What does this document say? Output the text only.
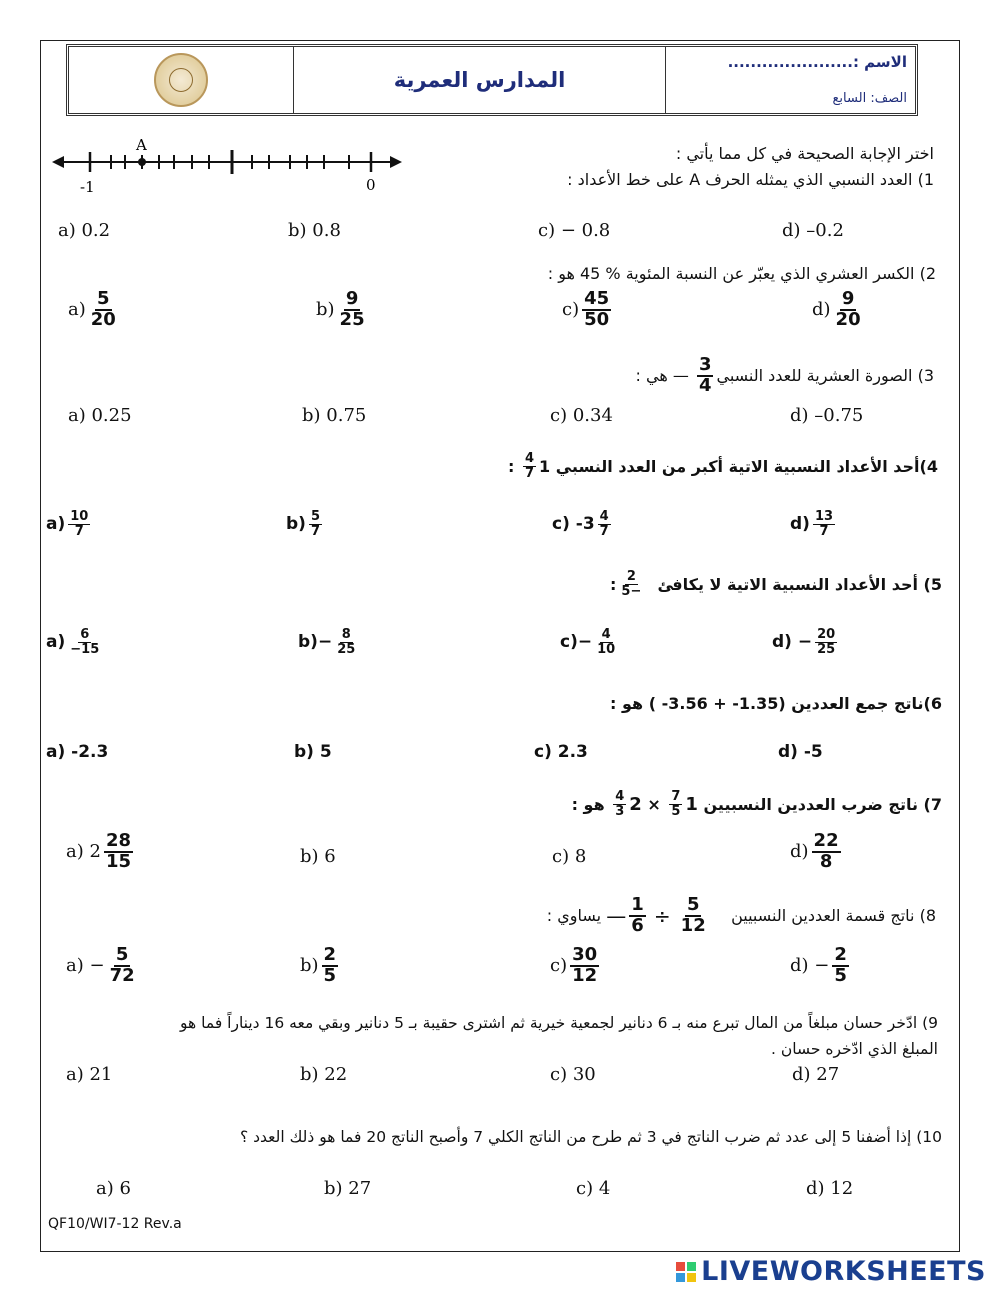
المدارس العمرية
الاسم :......................
الصف: السابع
A
-1	0
اختر الإجابة الصحيحة في كل مما يأتي :
1) العدد النسبي الذي يمثله الحرف A على خط الأعداد :
a) 0.2	b) 0.8	c) − 0.8	d) –0.2
2) الكسر العشري الذي يعبّر عن النسبة المئوية % 45 هو :
$a) \frac{5}{20}$	$b) \frac{9}{25}$	$c) \frac{45}{50}$	$d) \frac{9}{20}$
3) الصورة العشرية للعدد النسبي
$\frac{3}{4}$
—
هي :
a) 0.25	b) 0.75	c) 0.34	d) –0.75
4)أحد الأعداد النسبية الاتية أكبر من العدد النسبي

1
$\frac{4}{7}$

:
$a) \frac{10}{7}$	$b) \frac{5}{7}$	c) $-3 \frac{4}{7}$	$d) \frac{13}{7}$
5) أحد الأعداد النسبية الاتية لا يكافئ

$\frac{2}{-5}$
:
$a) \frac{6}{-15}$	$b)- \frac{8}{25}$	$c)- \frac{4}{10}$	$d) - \frac{20}{25}$
6)ناتج جمع العددين (1.35- + 3.56- ) هو :
a) -2.3	b) 5	c) 2.3	d) -5
7) ناتج ضرب العددين النسبيين

1
$\frac{7}{5}$

×

2
$\frac{4}{3}$

هو :
a) $2 \frac{28}{15}$	b) 6	c) 8	$d) \frac{22}{8}$
8) ناتج قسمة العددين النسبيين

$\frac{5}{12}$

÷

$\frac{1}{6}$
—

يساوي :
$a) - \frac{5}{72}$	$b) \frac{2}{5}$	$c) \frac{30}{12}$	$d) - \frac{2}{5}$
9) ادّخر حسان مبلغاً من المال تبرع منه بـ 6 دنانير لجمعية خيرية ثم اشترى حقيبة بـ 5 دنانير وبقي معه 16 ديناراً فما هو
المبلغ الذي ادّخره حسان .
a) 21	b) 22	c) 30	d) 27
10) إذا أضفنا 5 إلى عدد ثم ضرب الناتج في 3 ثم طرح من الناتج الكلي 7 وأصبح الناتج 20 فما هو ذلك العدد ؟
a) 6	b) 27	c) 4	d) 12
QF10/WI7-12 Rev.a
LIVEWORKSHEETS
